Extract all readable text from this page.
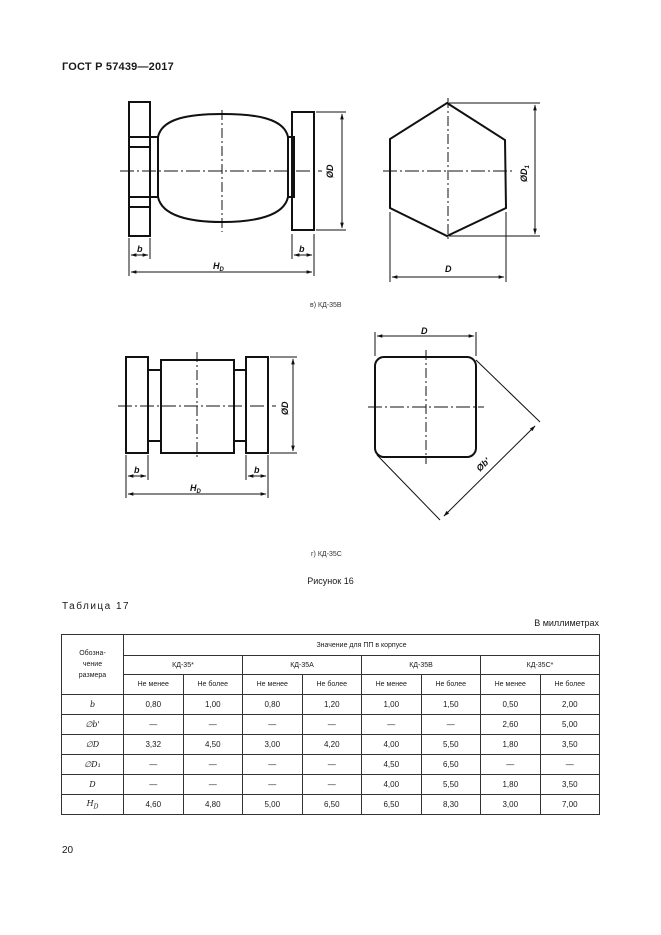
ГОСТ Р 57439—2017
b	b
$H_D$
ØD	$ØD_1$
D
b	b
$H_D$
ØD
D
Øb'
в) КД-35В
г) КД-35С
Рисунок 16
Таблица 17
В миллиметрах
Обозна-
чение
размера	Значение для ПП в корпусе							
	КД-35*		КД-35А		КД-35В		КД-35С*	
	Не менее	Не более	Не менее	Не более	Не менее	Не более	Не менее	Не более
b	0,80	1,00	0,80	1,20	1,00	1,50	0,50	2,00
∅b'	—	—	—	—	—	—	2,60	5,00
∅D	3,32	4,50	3,00	4,20	4,00	5,50	1,80	3,50
∅D₁	—	—	—	—	4,50	6,50	—	—
D	—	—	—	—	4,00	5,50	1,80	3,50
$H_D$	4,60	4,80	5,00	6,50	6,50	8,30	3,00	7,00
20
